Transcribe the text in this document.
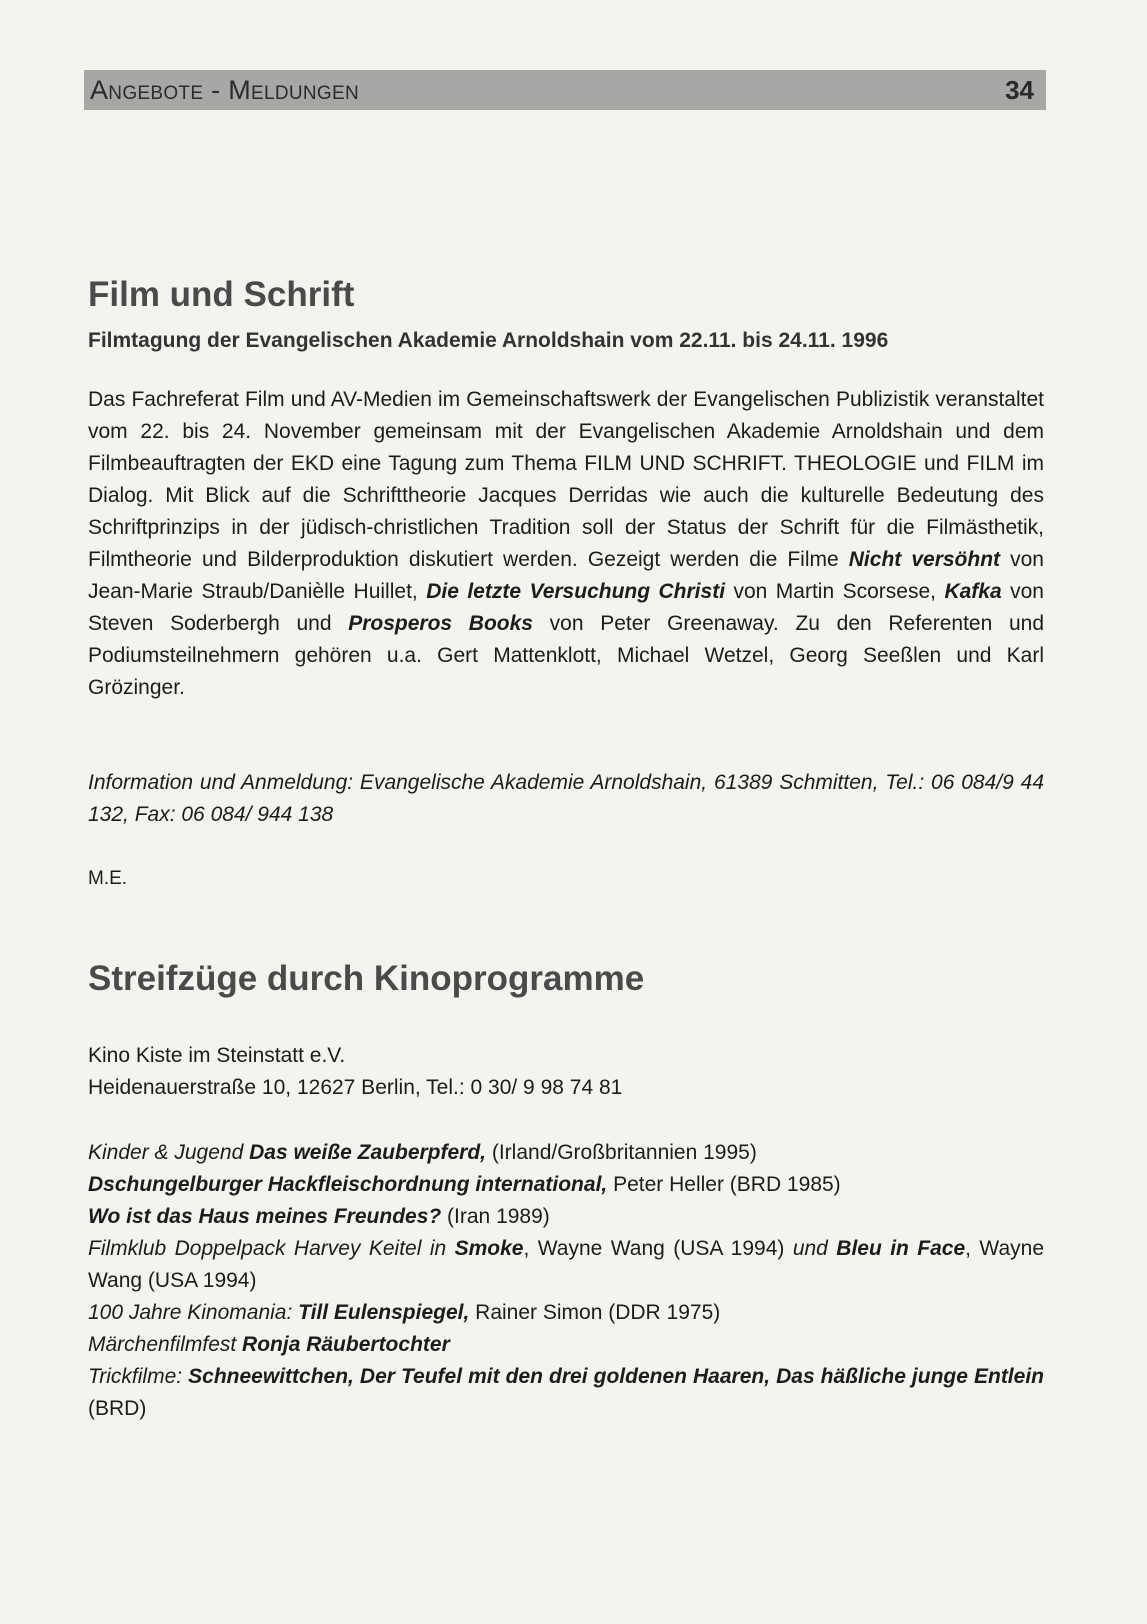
Angebote - Meldungen	34
Film und Schrift

Filmtagung der Evangelischen Akademie Arnoldshain vom 22.11. bis 24.11. 1996

Das Fachreferat Film und AV-Medien im Gemeinschaftswerk der Evangelischen Publizistik veranstaltet vom 22. bis 24. November gemeinsam mit der Evangelischen Akademie Arnoldshain und dem Filmbeauftragten der EKD eine Tagung zum Thema FILM UND SCHRIFT. THEOLOGIE und FILM im Dialog. Mit Blick auf die Schrifttheorie Jacques Derridas wie auch die kulturelle Bedeutung des Schriftprinzips in der jüdisch-christlichen Tradition soll der Status der Schrift für die Filmästhetik, Filmtheorie und Bilderproduktion diskutiert werden. Gezeigt werden die Filme Nicht versöhnt von Jean-Marie Straub/Danièlle Huillet, Die letzte Versuchung Christi von Martin Scorsese, Kafka von Steven Soderbergh und Prosperos Books von Peter Greenaway. Zu den Referenten und Podiumsteilnehmern gehören u.a. Gert Mattenklott, Michael Wetzel, Georg Seeßlen und Karl Grözinger.

Information und Anmeldung: Evangelische Akademie Arnoldshain, 61389 Schmitten, Tel.: 06 084/9 44 132, Fax: 06 084/ 944 138

M.E.

Streifzüge durch Kinoprogramme
Kino Kiste im Steinstatt e.V.
Heidenauerstraße 10, 12627 Berlin, Tel.: 0 30/ 9 98 74 81
Kinder & Jugend Das weiße Zauberpferd, (Irland/Großbritannien 1995)
Dschungelburger Hackfleischordnung international, Peter Heller (BRD 1985)
Wo ist das Haus meines Freundes? (Iran 1989)
Filmklub Doppelpack Harvey Keitel in Smoke, Wayne Wang (USA 1994) und Bleu in Face, Wayne Wang (USA 1994)
100 Jahre Kinomania: Till Eulenspiegel, Rainer Simon (DDR 1975)
Märchenfilmfest Ronja Räubertochter
Trickfilme: Schneewittchen, Der Teufel mit den drei goldenen Haaren, Das häßliche junge Entlein (BRD)
